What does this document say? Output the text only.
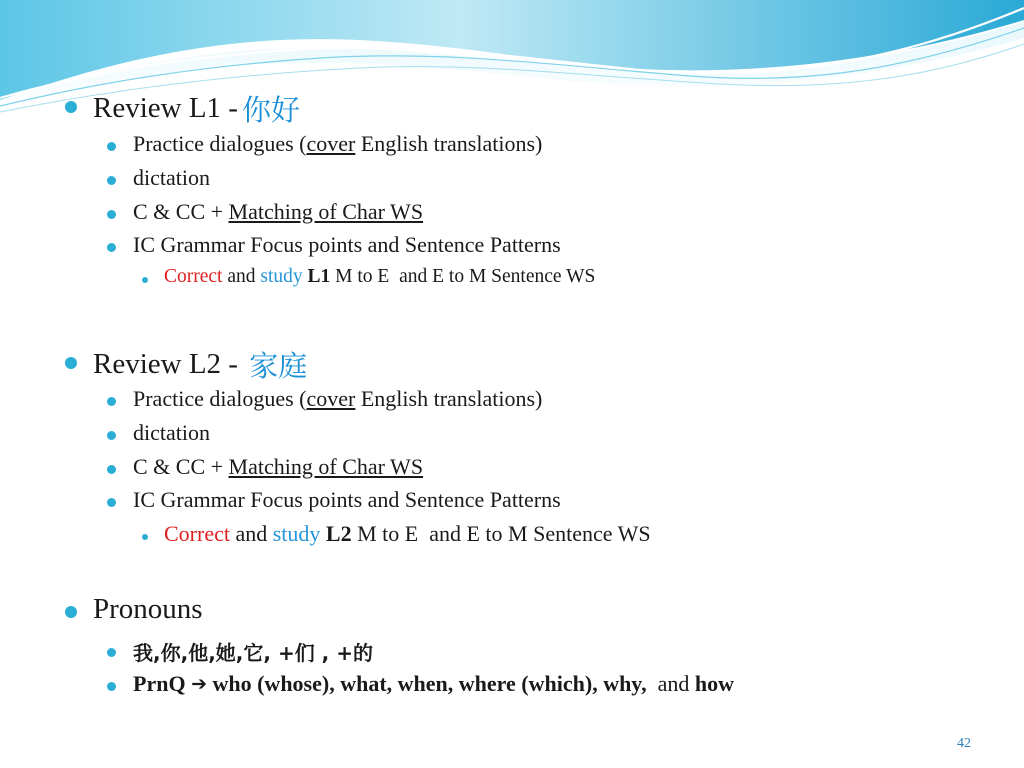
Review L1 - 你好
Practice dialogues ( cover English translations)
dictation
C & CC + Matching of Char WS
IC Grammar Focus points and Sentence Patterns
Correct and study L1 M to E  and E to M Sentence WS
Review L2 - 家庭
Practice dialogues ( cover English translations)
dictation
C & CC + Matching of Char WS
IC Grammar Focus points and Sentence Patterns
Correct and study L2 M to E  and E to M Sentence WS
Pronouns
我,你,他,她,它, +们 , +的
PrnQ ➔ who (whose), what, when, where (which), why, and how
42
